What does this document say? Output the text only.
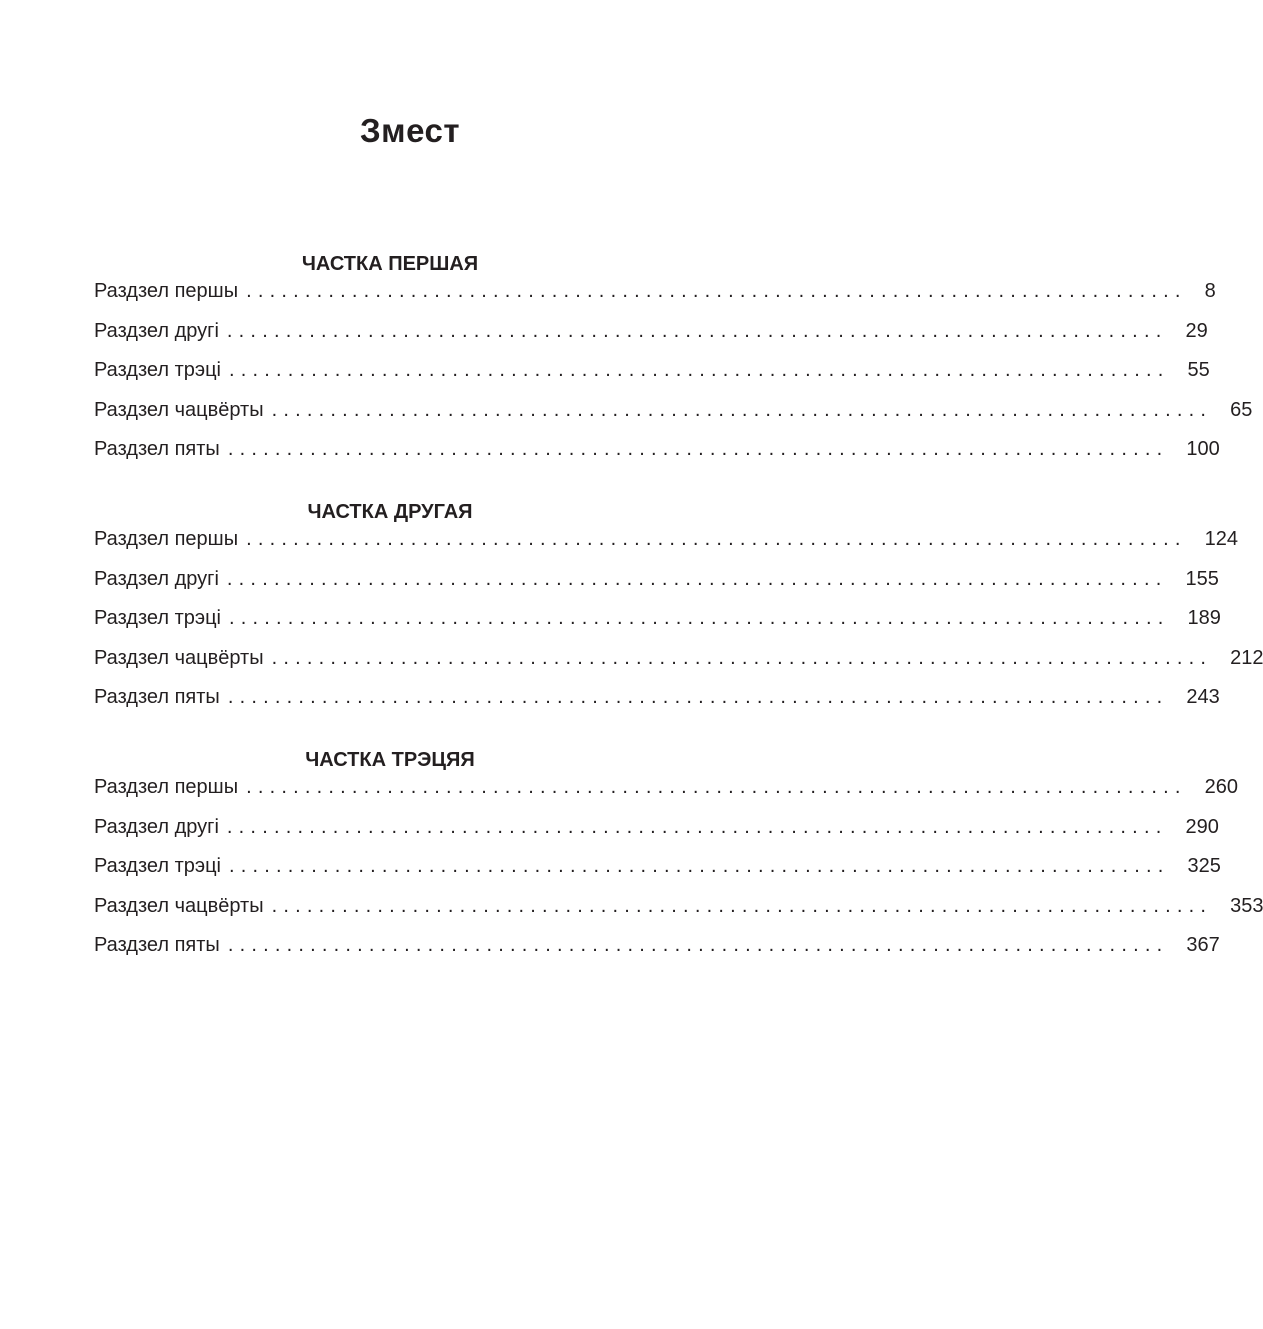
Змест
ЧАСТКА ПЕРШАЯ
Раздзел першы ................................................................................ 8
Раздзел другі ................................................................................ 29
Раздзел трэці ................................................................................ 55
Раздзел чацвёрты ................................................................................ 65
Раздзел пяты ................................................................................ 100
ЧАСТКА ДРУГАЯ
Раздзел першы ................................................................................ 124
Раздзел другі ................................................................................ 155
Раздзел трэці ................................................................................ 189
Раздзел чацвёрты ................................................................................ 212
Раздзел пяты ................................................................................ 243
ЧАСТКА ТРЭЦЯЯ
Раздзел першы ................................................................................ 260
Раздзел другі ................................................................................ 290
Раздзел трэці ................................................................................ 325
Раздзел чацвёрты ................................................................................ 353
Раздзел пяты ................................................................................ 367
